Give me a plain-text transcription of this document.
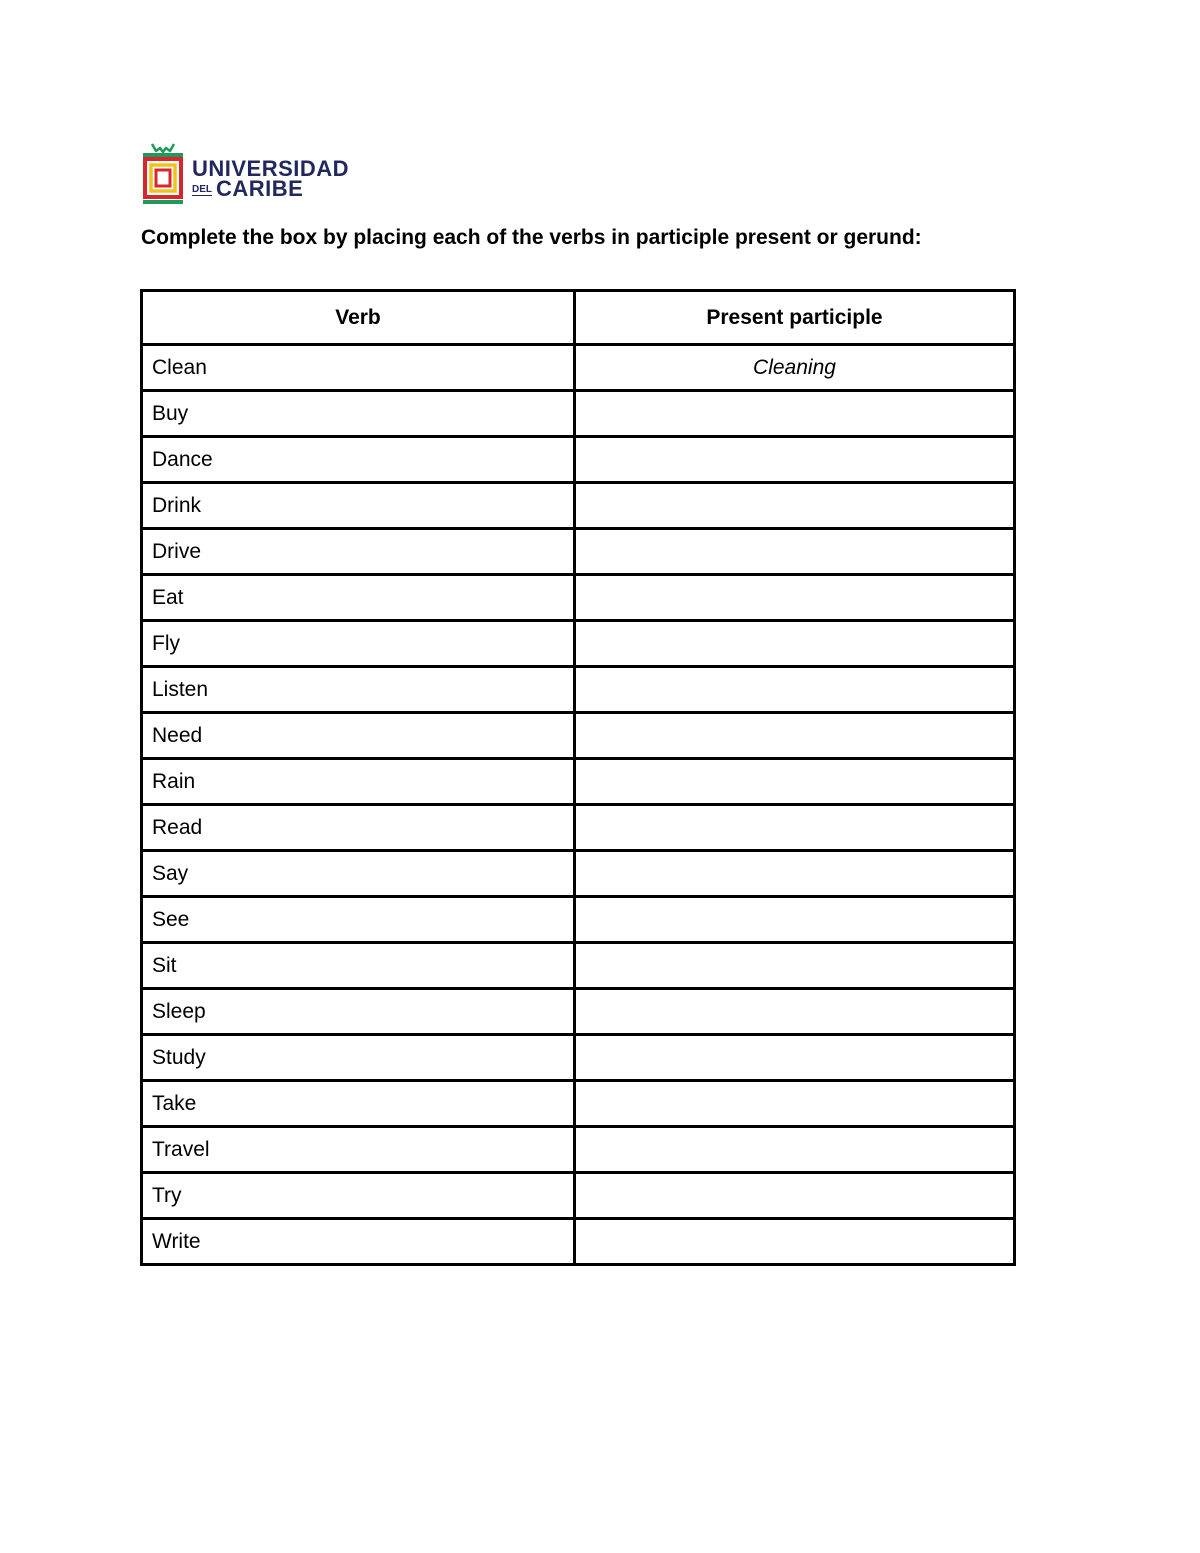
UNIVERSIDAD
DEL CARIBE
Complete the box by placing each of the verbs in participle present or gerund:
Verb	Present participle
Clean	Cleaning
Buy	
Dance	
Drink	
Drive	
Eat	
Fly	
Listen	
Need	
Rain	
Read	
Say	
See	
Sit	
Sleep	
Study	
Take	
Travel	
Try	
Write	
